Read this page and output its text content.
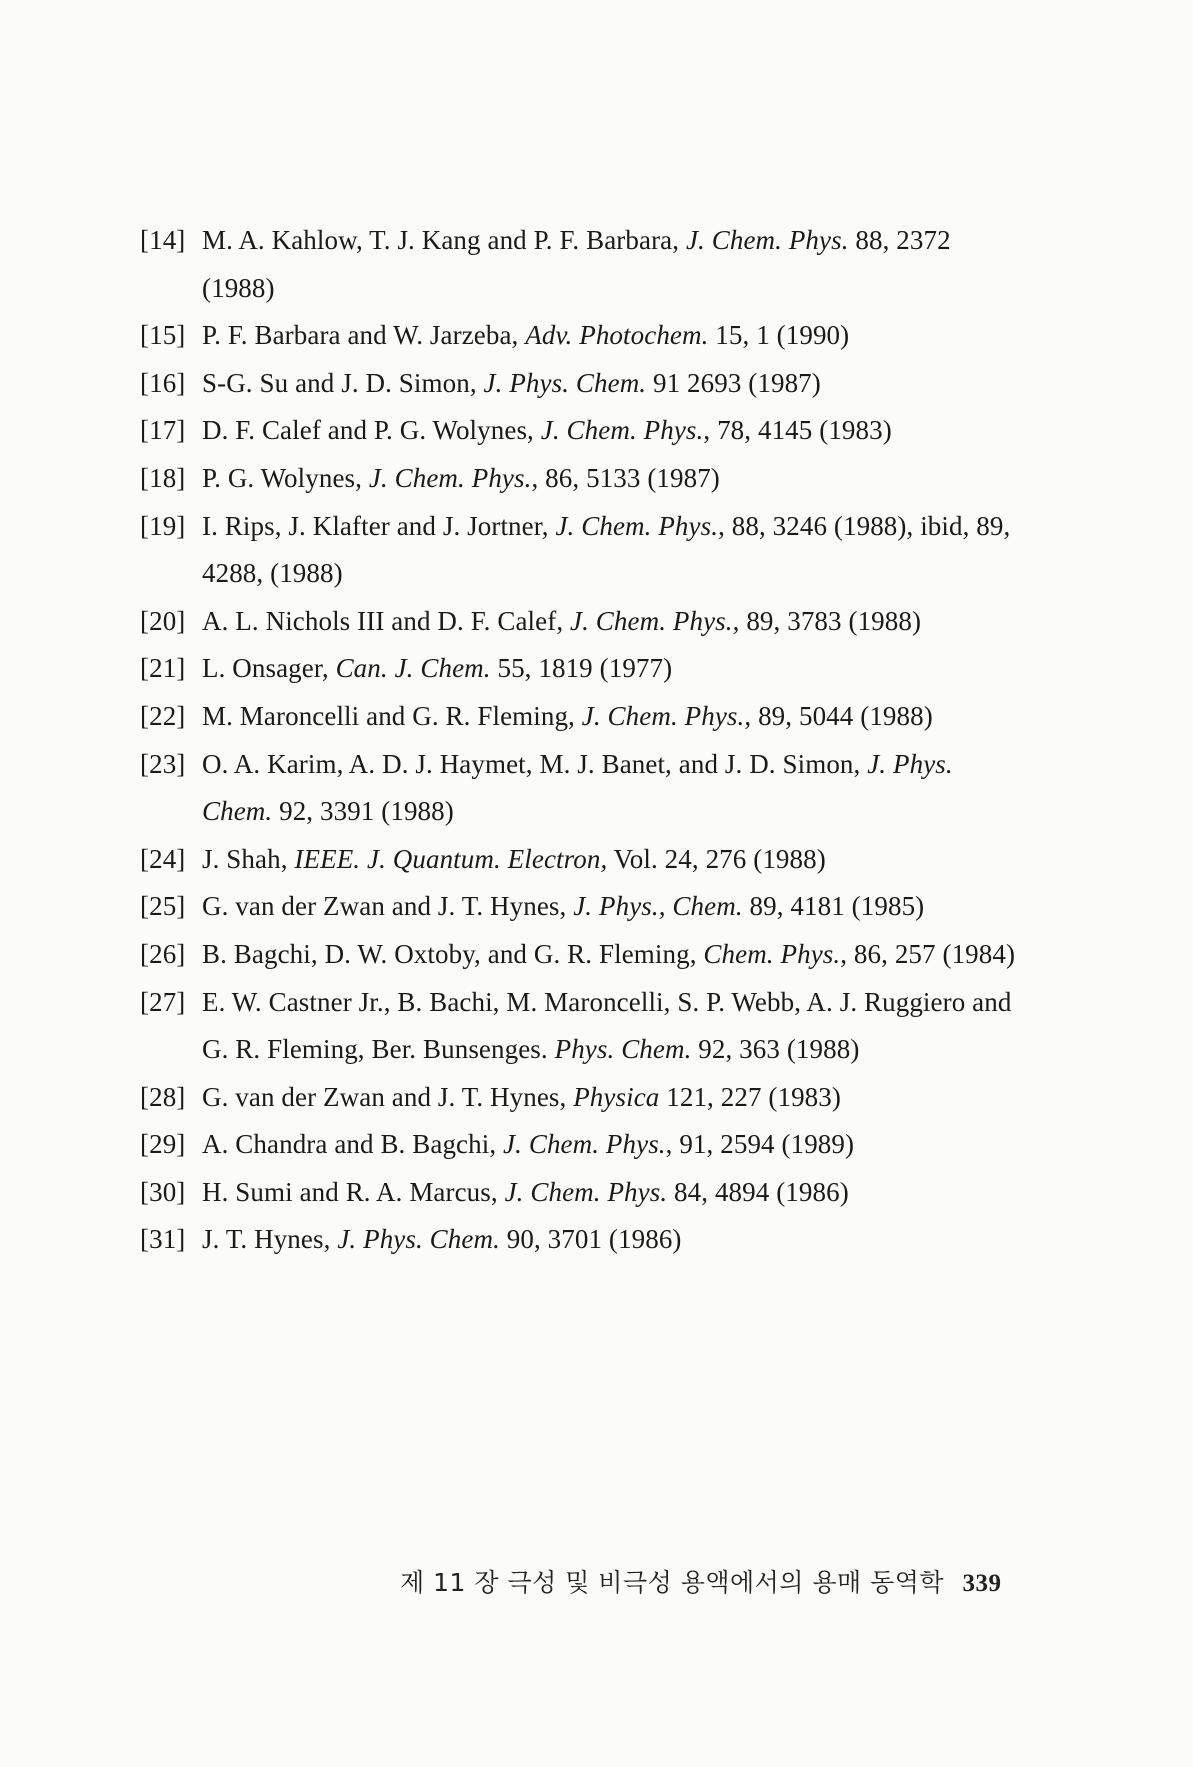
[14] M. A. Kahlow, T. J. Kang and P. F. Barbara, J. Chem. Phys. 88, 2372 (1988)
[15] P. F. Barbara and W. Jarzeba, Adv. Photochem. 15, 1 (1990)
[16] S-G. Su and J. D. Simon, J. Phys. Chem. 91 2693 (1987)
[17] D. F. Calef and P. G. Wolynes, J. Chem. Phys., 78, 4145 (1983)
[18] P. G. Wolynes, J. Chem. Phys., 86, 5133 (1987)
[19] I. Rips, J. Klafter and J. Jortner, J. Chem. Phys., 88, 3246 (1988), ibid, 89, 4288, (1988)
[20] A. L. Nichols III and D. F. Calef, J. Chem. Phys., 89, 3783 (1988)
[21] L. Onsager, Can. J. Chem. 55, 1819 (1977)
[22] M. Maroncelli and G. R. Fleming, J. Chem. Phys., 89, 5044 (1988)
[23] O. A. Karim, A. D. J. Haymet, M. J. Banet, and J. D. Simon, J. Phys. Chem. 92, 3391 (1988)
[24] J. Shah, IEEE. J. Quantum. Electron, Vol. 24, 276 (1988)
[25] G. van der Zwan and J. T. Hynes, J. Phys., Chem. 89, 4181 (1985)
[26] B. Bagchi, D. W. Oxtoby, and G. R. Fleming, Chem. Phys., 86, 257 (1984)
[27] E. W. Castner Jr., B. Bachi, M. Maroncelli, S. P. Webb, A. J. Ruggiero and G. R. Fleming, Ber. Bunsenges. Phys. Chem. 92, 363 (1988)
[28] G. van der Zwan and J. T. Hynes, Physica 121, 227 (1983)
[29] A. Chandra and B. Bagchi, J. Chem. Phys., 91, 2594 (1989)
[30] H. Sumi and R. A. Marcus, J. Chem. Phys. 84, 4894 (1986)
[31] J. T. Hynes, J. Phys. Chem. 90, 3701 (1986)
제 11 장 극성 및 비극성 용액에서의 용매 동역학 339
